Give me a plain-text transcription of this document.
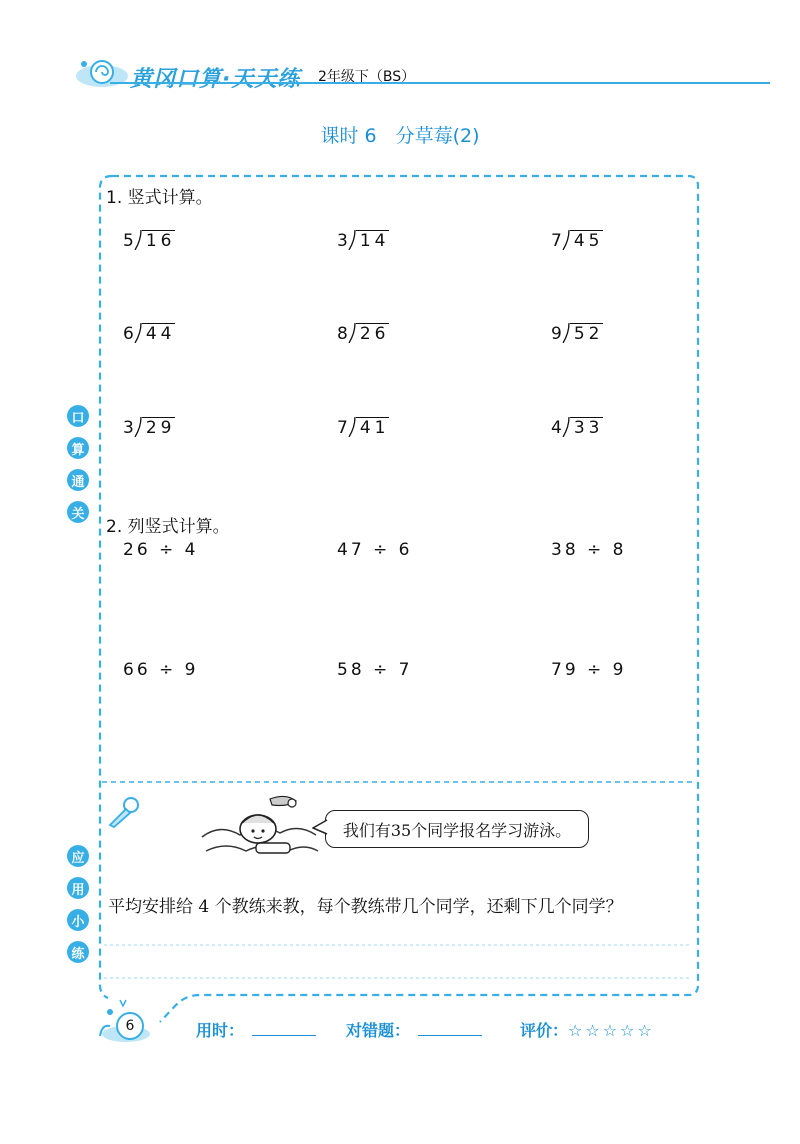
黄冈口算·天天练 2年级下（BS）
课时 6　分草莓(2)
口
算
通
关
应
用
小
练
1. 竖式计算。
5 16	3 14	7 45
6 44	8 26	9 52
3 29	7 41	4 33
2. 列竖式计算。
26 ÷ 4	47 ÷ 6	38 ÷ 8
66 ÷ 9	58 ÷ 7	79 ÷ 9
我们有35个同学报名学习游泳。
平均安排给 4 个教练来教，每个教练带几个同学，还剩下几个同学？
6	用时：	对错题：	评价：☆☆☆☆☆
